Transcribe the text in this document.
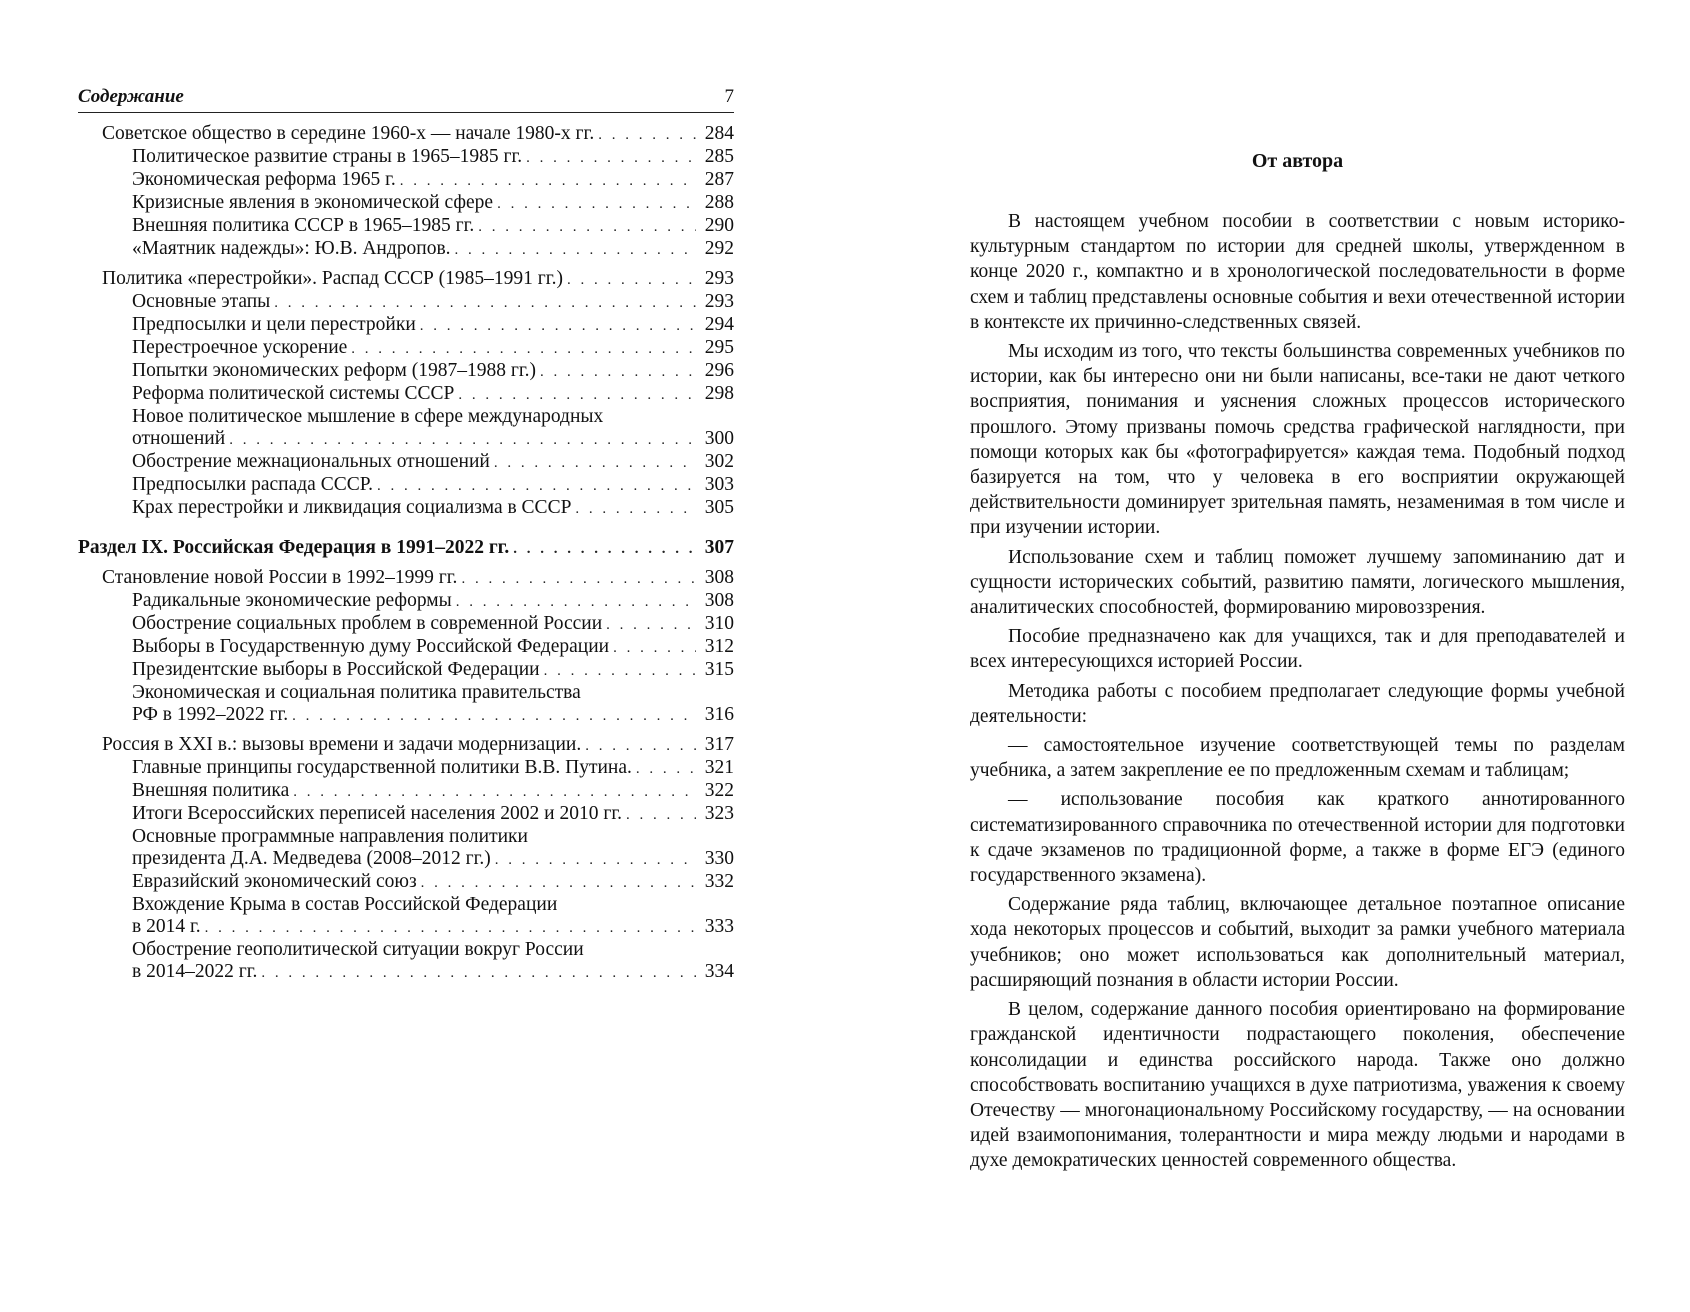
Содержание	7
Советское общество в середине 1960-х — начале 1980-х гг. . . .	284
Политическое развитие страны в 1965–1985 гг. . . .	285
Экономическая реформа 1965 г. . . .	287
Кризисные явления в экономической сфере . . .	288
Внешняя политика СССР в 1965–1985 гг. . . .	290
«Маятник надежды»: Ю.В. Андропов. . . .	292
Политика «перестройки». Распад СССР (1985–1991 гг.) . . .	293
Основные этапы . . .	293
Предпосылки и цели перестройки . . .	294
Перестроечное ускорение . . .	295
Попытки экономических реформ (1987–1988 гг.) . . .	296
Реформа политической системы СССР . . .	298
Новое политическое мышление в сфере международных
отношений . . .	300
Обострение межнациональных отношений . . .	302
Предпосылки распада СССР. . . .	303
Крах перестройки и ликвидация социализма в СССР . . .	305
Раздел IX. Российская Федерация в 1991–2022 гг. . . .	307
Становление новой России в 1992–1999 гг. . . .	308
Радикальные экономические реформы . . .	308
Обострение социальных проблем в современной России . . .	310
Выборы в Государственную думу Российской Федерации . . .	312
Президентские выборы в Российской Федерации . . .	315
Экономическая и социальная политика правительства
РФ в 1992–2022 гг. . . .	316
Россия в XXI в.: вызовы времени и задачи модернизации. . . .	317
Главные принципы государственной политики В.В. Путина. . . .	321
Внешняя политика . . .	322
Итоги Всероссийских переписей населения 2002 и 2010 гг. . . .	323
Основные программные направления политики
президента Д.А. Медведева (2008–2012 гг.) . . .	330
Евразийский экономический союз . . .	332
Вхождение Крыма в состав Российской Федерации
в 2014 г. . . .	333
Обострение геополитической ситуации вокруг России
в 2014–2022 гг. . . .	334
От автора

В настоящем учебном пособии в соответствии с новым историко-культурным стандартом по истории для средней школы, утвержденном в конце 2020 г., компактно и в хронологической последовательности в форме схем и таблиц представлены основные события и вехи отечественной истории в контексте их причинно-следственных связей.

Мы исходим из того, что тексты большинства современных учебников по истории, как бы интересно они ни были написаны, все-таки не дают четкого восприятия, понимания и уяснения сложных процессов исторического прошлого. Этому призваны помочь средства графической наглядности, при помощи которых как бы «фотографируется» каждая тема. Подобный подход базируется на том, что у человека в его восприятии окружающей действительности доминирует зрительная память, незаменимая в том числе и при изучении истории.

Использование схем и таблиц поможет лучшему запоминанию дат и сущности исторических событий, развитию памяти, логического мышления, аналитических способностей, формированию мировоззрения.

Пособие предназначено как для учащихся, так и для преподавателей и всех интересующихся историей России.

Методика работы с пособием предполагает следующие формы учебной деятельности:

— самостоятельное изучение соответствующей темы по разделам учебника, а затем закрепление ее по предложенным схемам и таблицам;

— использование пособия как краткого аннотированного систематизированного справочника по отечественной истории для подготовки к сдаче экзаменов по традиционной форме, а также в форме ЕГЭ (единого государственного экзамена).

Содержание ряда таблиц, включающее детальное поэтапное описание хода некоторых процессов и событий, выходит за рамки учебного материала учебников; оно может использоваться как дополнительный материал, расширяющий познания в области истории России.

В целом, содержание данного пособия ориентировано на формирование гражданской идентичности подрастающего поколения, обеспечение консолидации и единства российского народа. Также оно должно способствовать воспитанию учащихся в духе патриотизма, уважения к своему Отечеству — многонациональному Российскому государству, — на основании идей взаимопонимания, толерантности и мира между людьми и народами в духе демократических ценностей современного общества.
